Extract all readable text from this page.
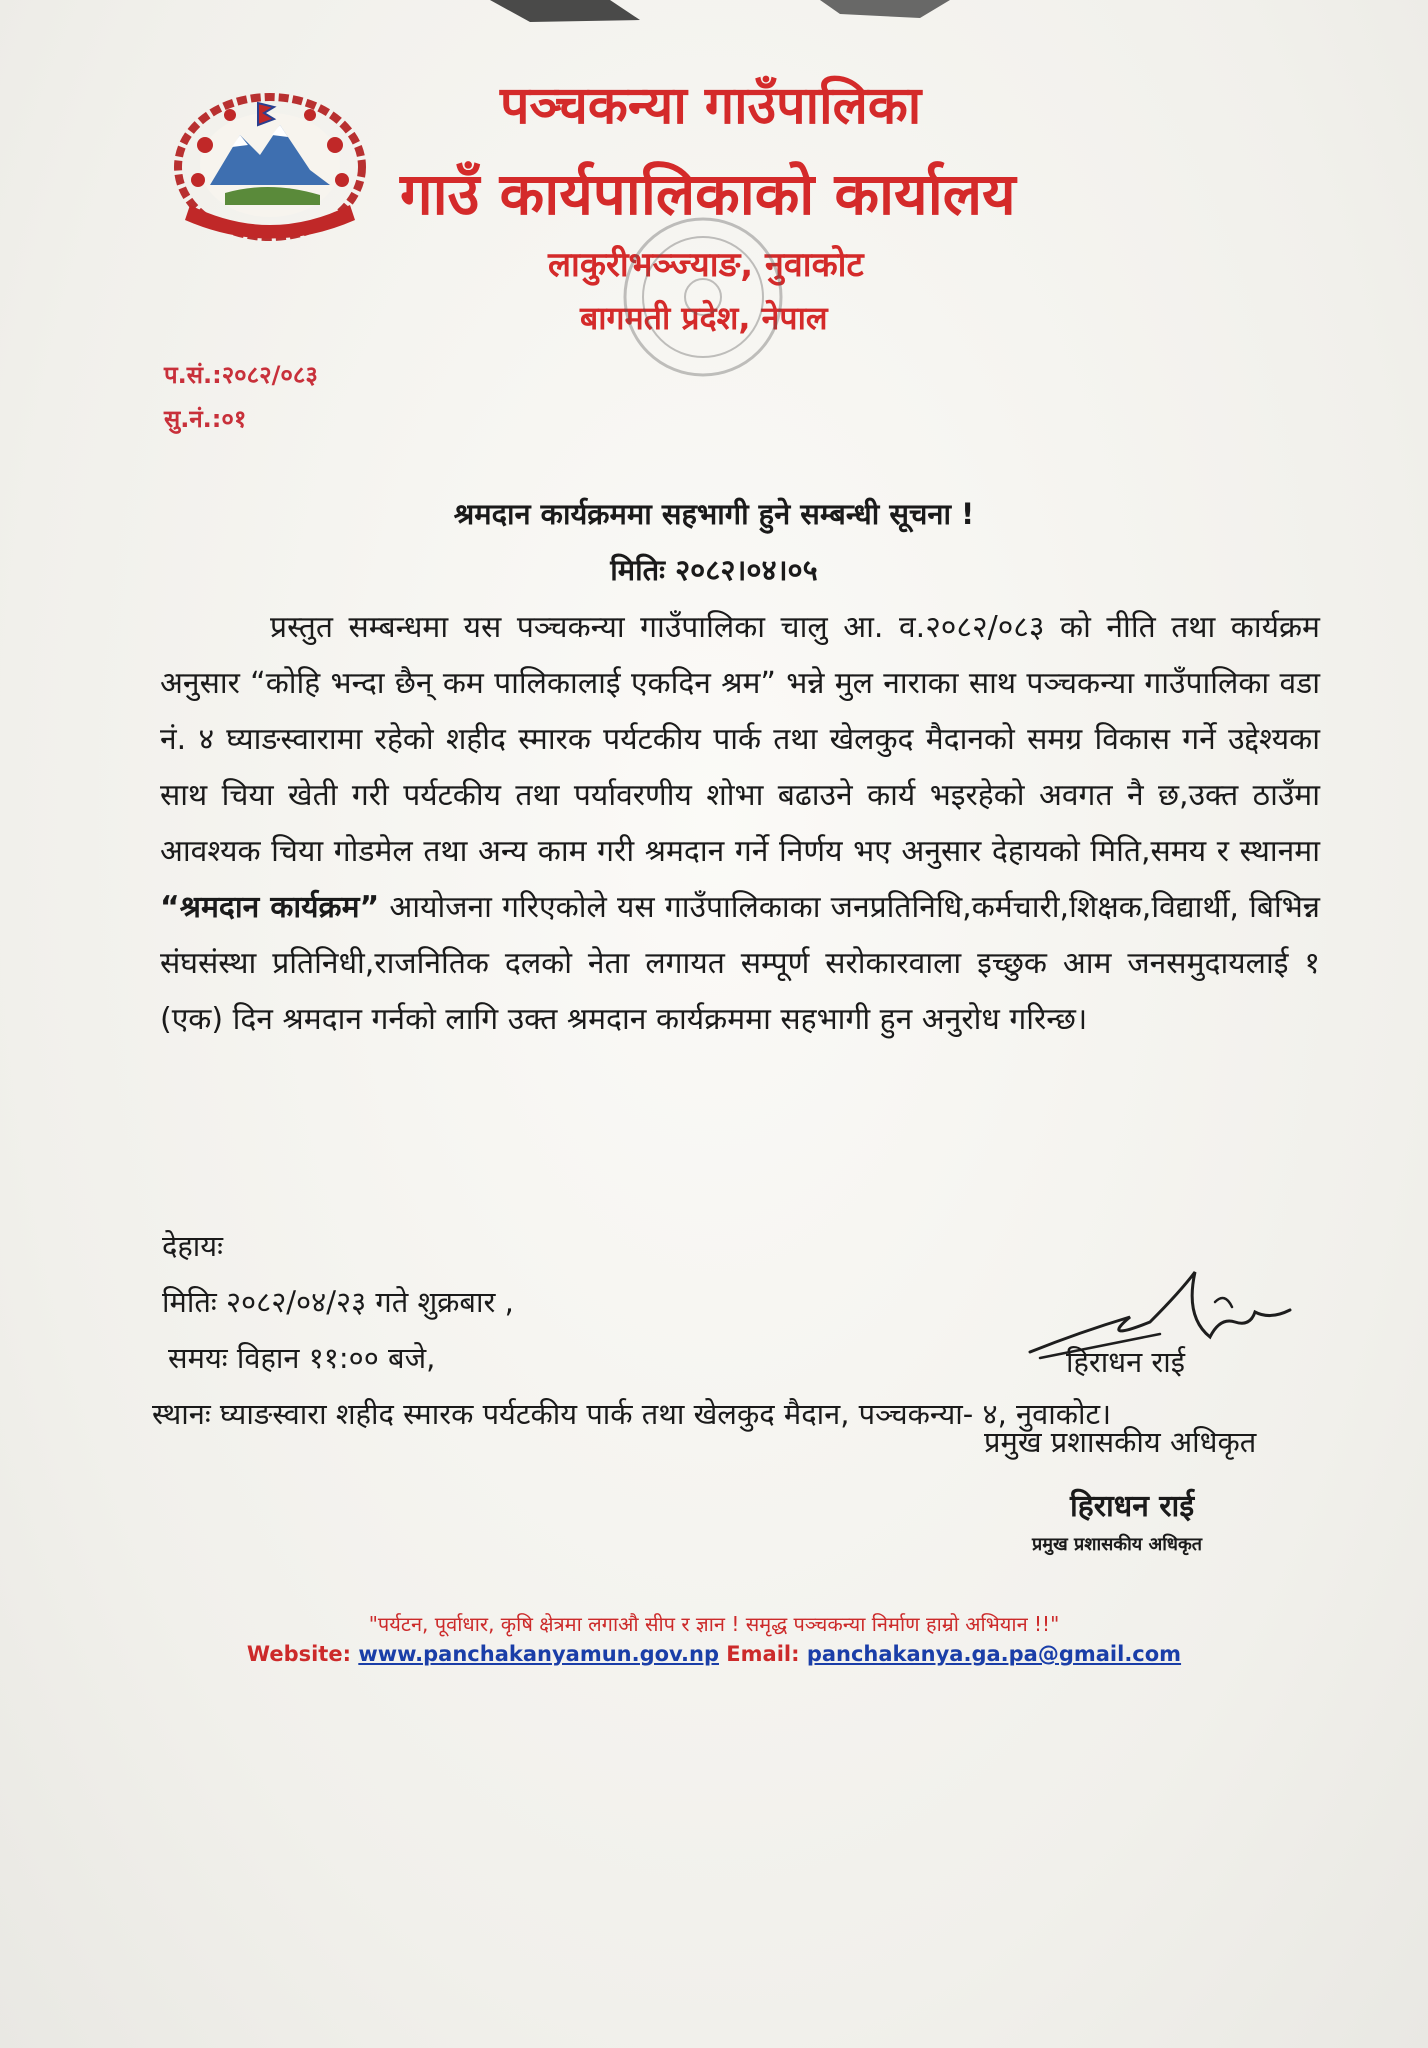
पञ्चकन्या गाउँपालिका
गाउँ कार्यपालिकाको कार्यालय
लाकुरीभञ्ज्याङ, नुवाकोट
बागमती प्रदेश, नेपाल
प.सं.:२०८२/०८३
सु.नं.:०१
श्रमदान कार्यक्रममा सहभागी हुने सम्बन्धी सूचना !
मितिः २०८२।०४।०५

प्रस्तुत सम्बन्धमा यस पञ्चकन्या गाउँपालिका चालु आ. व.२०८२/०८३ को नीति तथा कार्यक्रम अनुसार “कोहि भन्दा छैन् कम पालिकालाई एकदिन श्रम” भन्ने मुल नाराका साथ पञ्चकन्या गाउँपालिका वडा नं. ४ घ्याङस्वारामा रहेको शहीद स्मारक पर्यटकीय पार्क तथा खेलकुद मैदानको समग्र विकास गर्ने उद्देश्यका साथ चिया खेती गरी पर्यटकीय तथा पर्यावरणीय शोभा बढाउने कार्य भइरहेको अवगत नै छ,उक्त ठाउँमा आवश्यक चिया गोडमेल तथा अन्य काम गरी श्रमदान गर्ने निर्णय भए अनुसार देहायको मिति,समय र स्थानमा “श्रमदान कार्यक्रम” आयोजना गरिएकोले यस गाउँपालिकाका जनप्रतिनिधि,कर्मचारी,शिक्षक,विद्यार्थी, बिभिन्न संघसंस्था प्रतिनिधी,राजनितिक दलको नेता लगायत सम्पूर्ण सरोकारवाला इच्छुक आम जनसमुदायलाई १ (एक) दिन श्रमदान गर्नको लागि उक्त श्रमदान कार्यक्रममा सहभागी हुन अनुरोध गरिन्छ।

देहायः
मितिः २०८२/०४/२३ गते शुक्रबार ,
समयः विहान ११:०० बजे,
स्थानः घ्याङस्वारा शहीद स्मारक पर्यटकीय पार्क तथा खेलकुद मैदान, पञ्चकन्या- ४, नुवाकोट।
हिराधन राई
प्रमुख प्रशासकीय अधिकृत
हिराधन राई
प्रमुख प्रशासकीय अधिकृत
"पर्यटन, पूर्वाधार, कृषि क्षेत्रमा लगाऔ सीप र ज्ञान ! समृद्ध पञ्चकन्या निर्माण हाम्रो अभियान !!"
Website: www.panchakanyamun.gov.np Email: panchakanya.ga.pa@gmail.com
